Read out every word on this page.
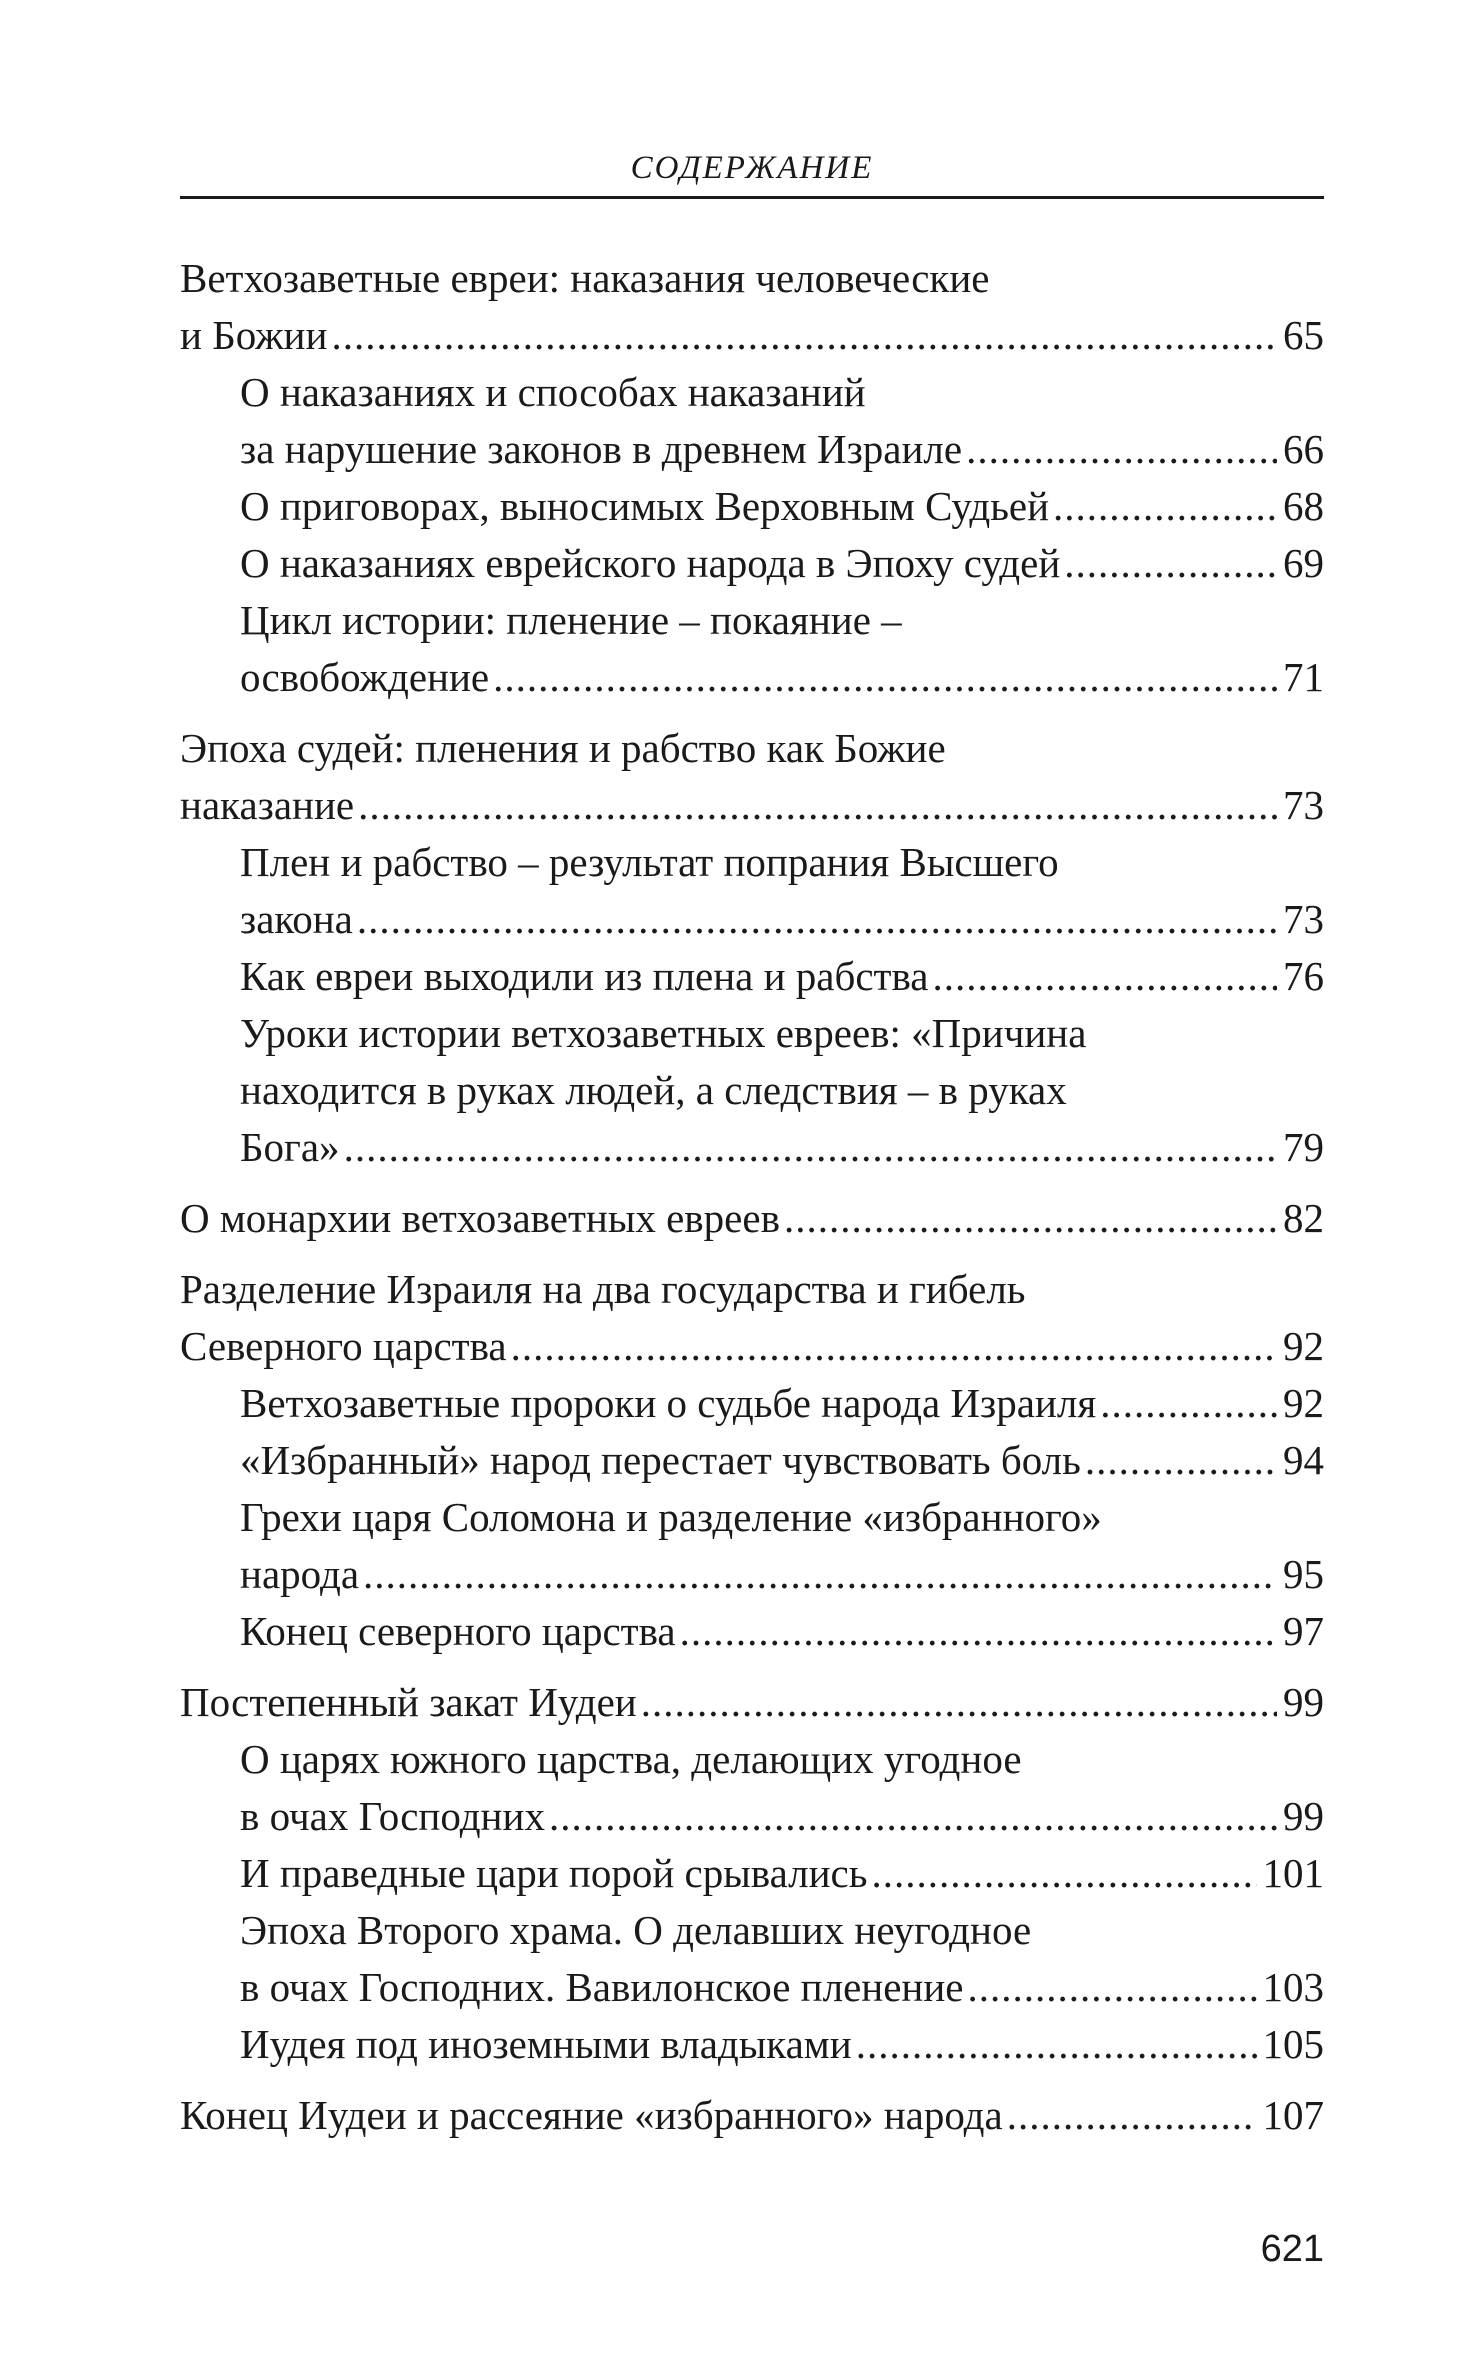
СОДЕРЖАНИЕ
Ветхозаветные евреи: наказания человеческие
и Божии .....	65
О наказаниях и способах наказаний
за нарушение законов в древнем Израиле .....	66
О приговорах, выносимых Верховным Судьей .....	68
О наказаниях еврейского народа в Эпоху судей .....	69
Цикл истории: пленение – покаяние –
освобождение .....	71
Эпоха судей: пленения и рабство как Божие
наказание .....	73
Плен и рабство – результат попрания Высшего
закона .....	73
Как евреи выходили из плена и рабства .....	76
Уроки истории ветхозаветных евреев: «Причина
находится в руках людей, а следствия – в руках
Бога» .....	79
О монархии ветхозаветных евреев .....	82
Разделение Израиля на два государства и гибель
Северного царства .....	92
Ветхозаветные пророки о судьбе народа Израиля .....	92
«Избранный» народ перестает чувствовать боль .....	94
Грехи царя Соломона и разделение «избранного»
народа .....	95
Конец северного царства .....	97
Постепенный закат Иудеи .....	99
О царях южного царства, делающих угодное
в очах Господних .....	99
И праведные цари порой срывались .....	101
Эпоха Второго храма. О делавших неугодное
в очах Господних. Вавилонское пленение .....	103
Иудея под иноземными владыками .....	105
Конец Иудеи и рассеяние «избранного» народа .....	107
621
